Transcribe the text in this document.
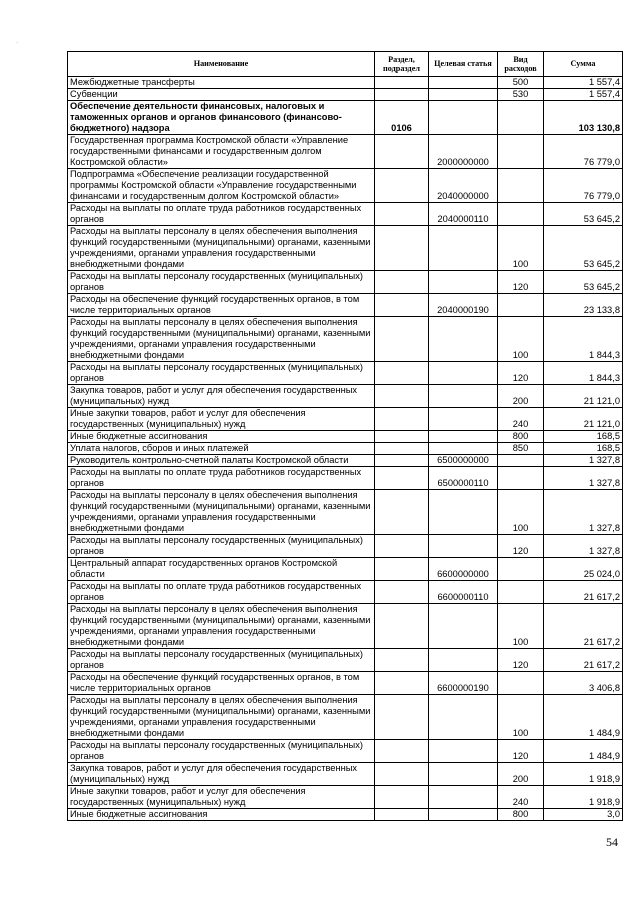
·
Наименование	Раздел, подраздел	Целевая статья	Вид расходов	Сумма
Межбюджетные трансферты			500	1 557,4
Субвенции			530	1 557,4
Обеспечение деятельности финансовых, налоговых и таможенных органов и органов финансового (финансово-бюджетного) надзора	0106			103 130,8
Государственная программа Костромской области «Управление государственными финансами и государственным долгом Костромской области»		2000000000		76 779,0
Подпрограмма «Обеспечение реализации государственной программы Костромской области «Управление государственными финансами и государственным долгом Костромской области»		2040000000		76 779,0
Расходы на выплаты по оплате труда работников государственных органов		2040000110		53 645,2
Расходы на выплаты персоналу в целях обеспечения выполнения функций государственными (муниципальными) органами, казенными учреждениями, органами управления государственными внебюджетными фондами			100	53 645,2
Расходы на выплаты персоналу государственных (муниципальных) органов			120	53 645,2
Расходы на обеспечение функций государственных органов, в том числе территориальных органов		2040000190		23 133,8
Расходы на выплаты персоналу в целях обеспечения выполнения функций государственными (муниципальными) органами, казенными учреждениями, органами управления государственными внебюджетными фондами			100	1 844,3
Расходы на выплаты персоналу государственных (муниципальных) органов			120	1 844,3
Закупка товаров, работ и услуг для обеспечения государственных (муниципальных) нужд			200	21 121,0
Иные закупки товаров, работ и услуг для обеспечения государственных (муниципальных) нужд			240	21 121,0
Иные бюджетные ассигнования			800	168,5
Уплата налогов, сборов и иных платежей			850	168,5
Руководитель контрольно-счетной палаты Костромской области		6500000000		1 327,8
Расходы на выплаты по оплате труда работников государственных органов		6500000110		1 327,8
Расходы на выплаты персоналу в целях обеспечения выполнения функций государственными (муниципальными) органами, казенными учреждениями, органами управления государственными внебюджетными фондами			100	1 327,8
Расходы на выплаты персоналу государственных (муниципальных) органов			120	1 327,8
Центральный аппарат государственных органов Костромской области		6600000000		25 024,0
Расходы на выплаты по оплате труда работников государственных органов		6600000110		21 617,2
Расходы на выплаты персоналу в целях обеспечения выполнения функций государственными (муниципальными) органами, казенными учреждениями, органами управления государственными внебюджетными фондами			100	21 617,2
Расходы на выплаты персоналу государственных (муниципальных) органов			120	21 617,2
Расходы на обеспечение функций государственных органов, в том числе территориальных органов		6600000190		3 406,8
Расходы на выплаты персоналу в целях обеспечения выполнения функций государственными (муниципальными) органами, казенными учреждениями, органами управления государственными внебюджетными фондами			100	1 484,9
Расходы на выплаты персоналу государственных (муниципальных) органов			120	1 484,9
Закупка товаров, работ и услуг для обеспечения государственных (муниципальных) нужд			200	1 918,9
Иные закупки товаров, работ и услуг для обеспечения государственных (муниципальных) нужд			240	1 918,9
Иные бюджетные ассигнования			800	3,0
54
